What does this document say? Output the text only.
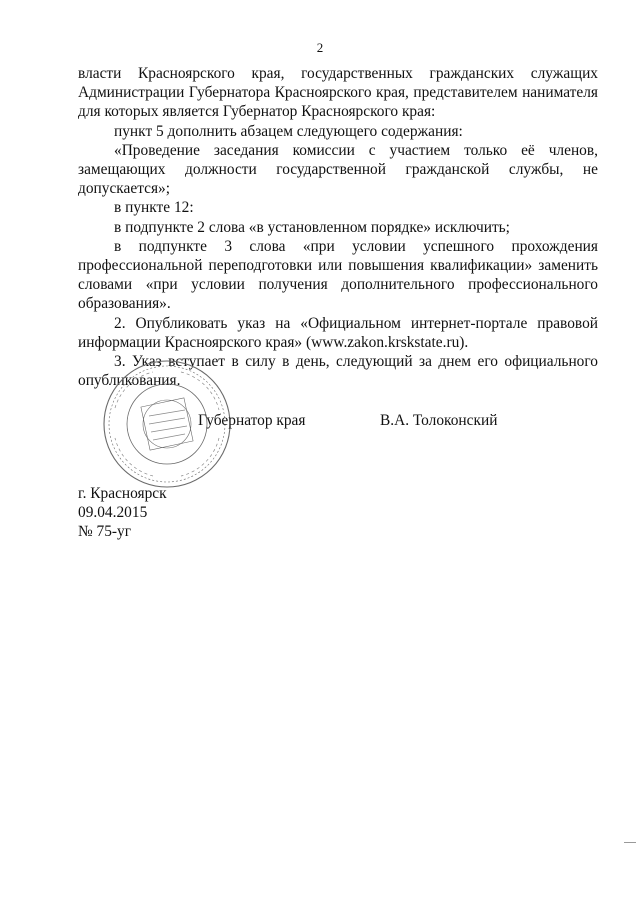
2

власти Красноярского края, государственных гражданских служащих Администрации Губернатора Красноярского края, представителем нанимателя для которых является Губернатор Красноярского края:

пункт 5 дополнить абзацем следующего содержания:

«Проведение заседания комиссии с участием только её членов, замещающих должности государственной гражданской службы, не допускается»;

в пункте 12:

в подпункте 2 слова «в установленном порядке» исключить;

в подпункте 3 слова «при условии успешного прохождения профессиональной переподготовки или повышения квалификации» заменить словами «при условии получения дополнительного профессионального образования».

2. Опубликовать указ на «Официальном интернет-портале правовой информации Красноярского края» (www.zakon.krskstate.ru).

3. Указ вступает в силу в день, следующий за днем его официального опубликования.

Губернатор края	В.А. Толоконский
г. Красноярск
09.04.2015
№ 75-уг
